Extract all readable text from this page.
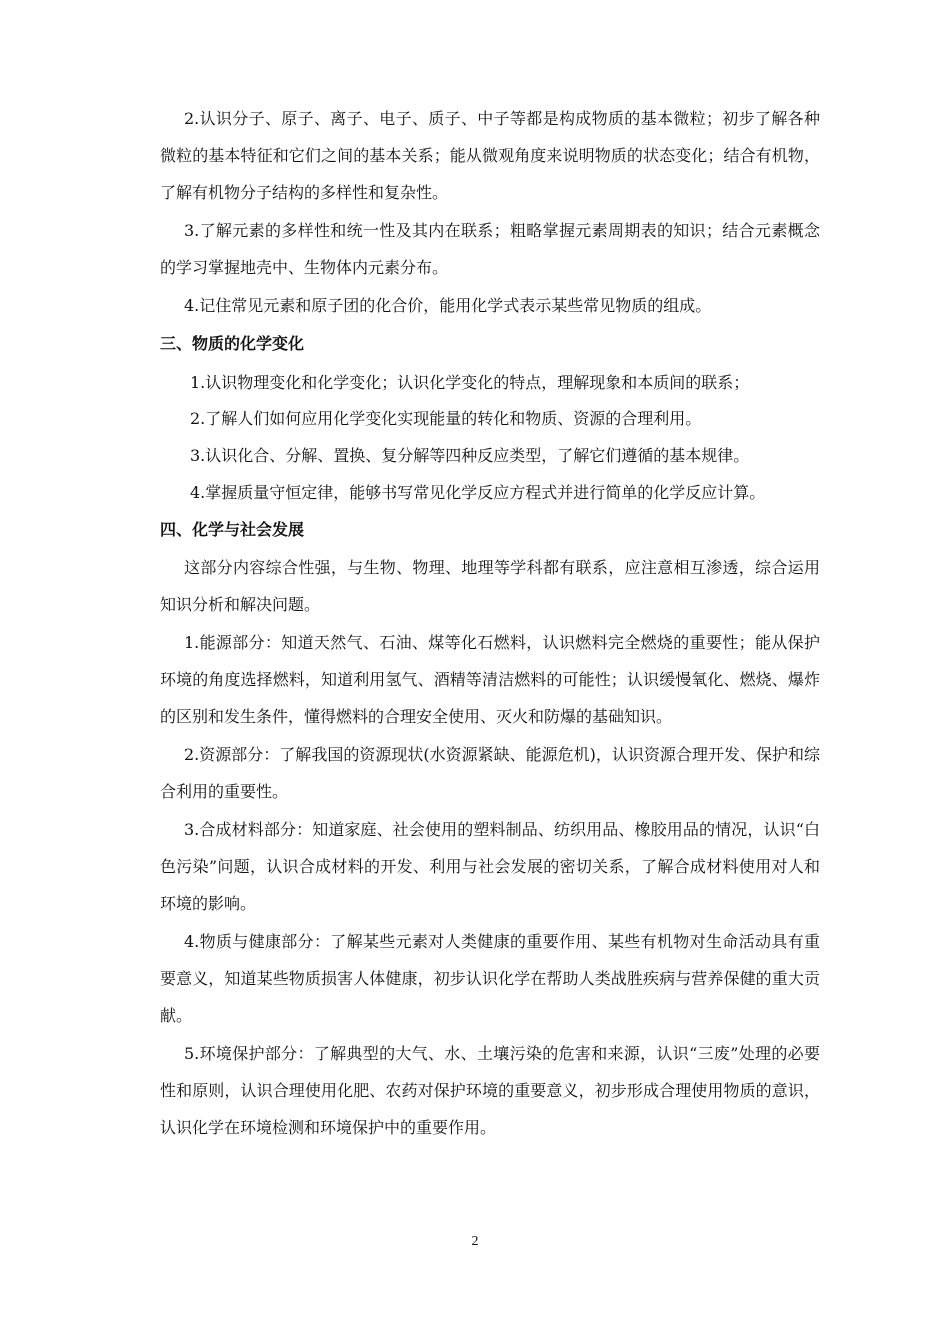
2.认识分子、原子、离子、电子、质子、中子等都是构成物质的基本微粒；初步了解各种微粒的基本特征和它们之间的基本关系；能从微观角度来说明物质的状态变化；结合有机物，了解有机物分子结构的多样性和复杂性。

3.了解元素的多样性和统一性及其内在联系；粗略掌握元素周期表的知识；结合元素概念的学习掌握地壳中、生物体内元素分布。

4.记住常见元素和原子团的化合价，能用化学式表示某些常见物质的组成。

三、物质的化学变化

1.认识物理变化和化学变化；认识化学变化的特点，理解现象和本质间的联系；

2.了解人们如何应用化学变化实现能量的转化和物质、资源的合理利用。

3.认识化合、分解、置换、复分解等四种反应类型，了解它们遵循的基本规律。

4.掌握质量守恒定律，能够书写常见化学反应方程式并进行简单的化学反应计算。

四、化学与社会发展

这部分内容综合性强，与生物、物理、地理等学科都有联系，应注意相互渗透，综合运用知识分析和解决问题。

1.能源部分：知道天然气、石油、煤等化石燃料，认识燃料完全燃烧的重要性；能从保护环境的角度选择燃料，知道利用氢气、酒精等清洁燃料的可能性；认识缓慢氧化、燃烧、爆炸的区别和发生条件，懂得燃料的合理安全使用、灭火和防爆的基础知识。

2.资源部分：了解我国的资源现状(水资源紧缺、能源危机)，认识资源合理开发、保护和综合利用的重要性。

3.合成材料部分：知道家庭、社会使用的塑料制品、纺织用品、橡胶用品的情况，认识“白色污染”问题，认识合成材料的开发、利用与社会发展的密切关系，了解合成材料使用对人和环境的影响。

4.物质与健康部分：了解某些元素对人类健康的重要作用、某些有机物对生命活动具有重要意义，知道某些物质损害人体健康，初步认识化学在帮助人类战胜疾病与营养保健的重大贡献。

5.环境保护部分：了解典型的大气、水、土壤污染的危害和来源，认识“三废”处理的必要性和原则，认识合理使用化肥、农药对保护环境的重要意义，初步形成合理使用物质的意识，认识化学在环境检测和环境保护中的重要作用。

2
